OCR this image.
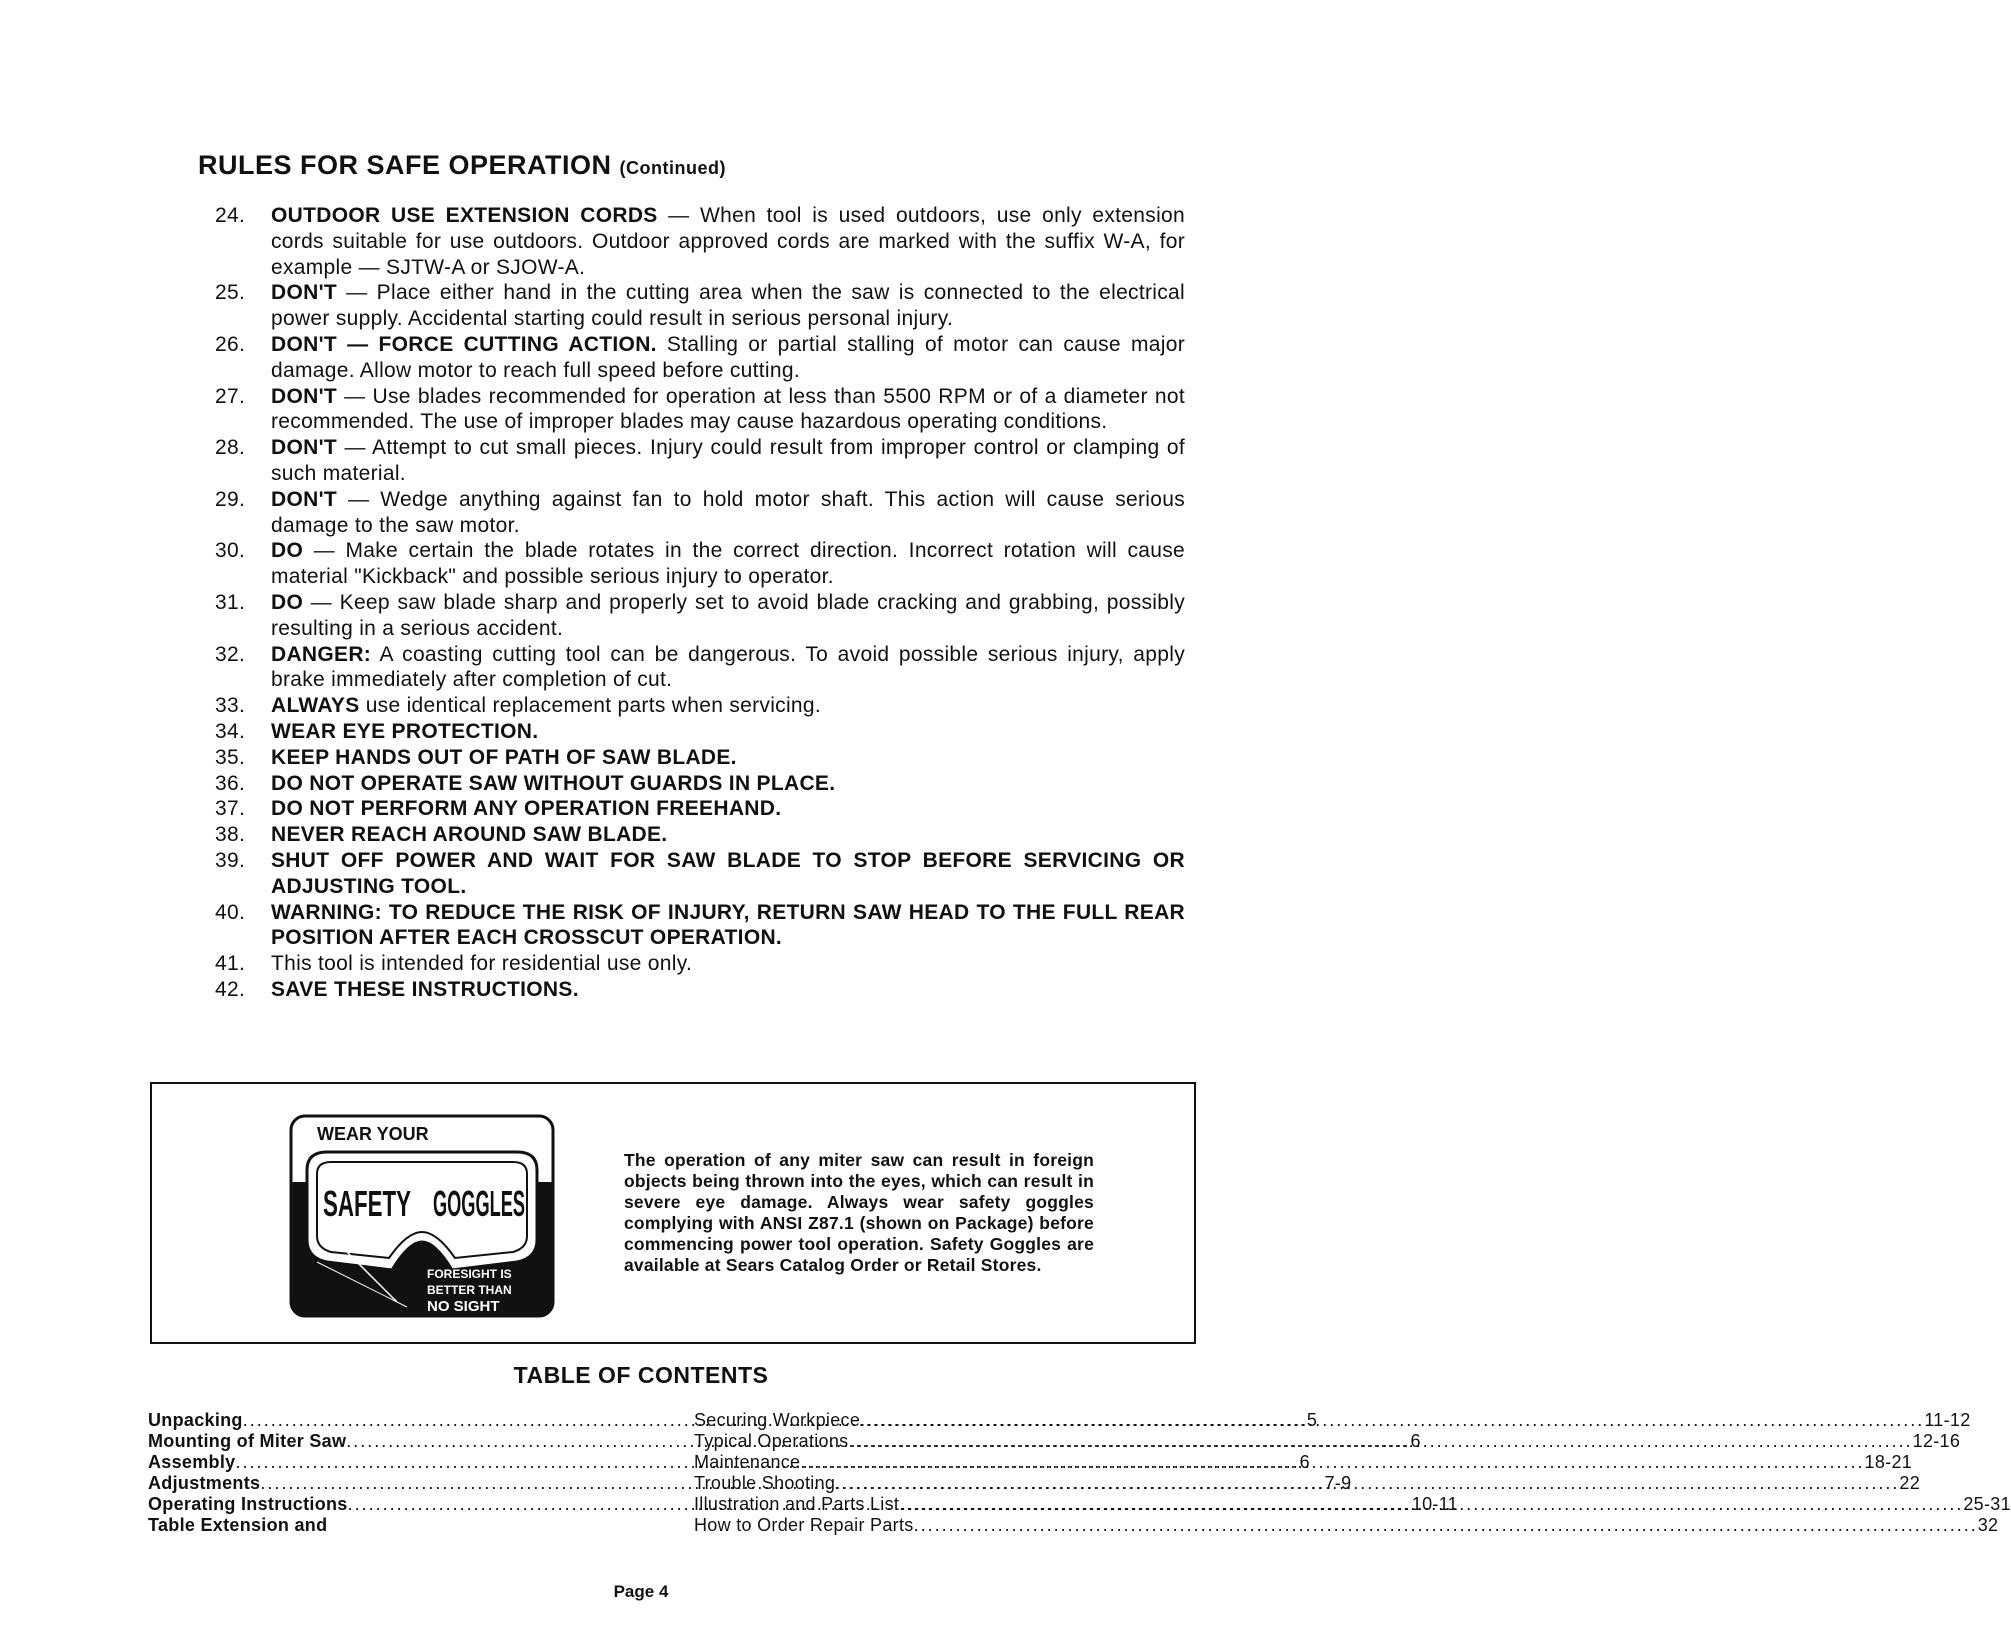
RULES FOR SAFE OPERATION (Continued)
24.	OUTDOOR USE EXTENSION CORDS — When tool is used outdoors, use only extension cords suitable for use outdoors. Outdoor approved cords are marked with the suffix W-A, for example — SJTW-A or SJOW-A.
25.	DON'T — Place either hand in the cutting area when the saw is connected to the electrical power supply. Accidental starting could result in serious personal injury.
26.	DON'T — FORCE CUTTING ACTION. Stalling or partial stalling of motor can cause major damage. Allow motor to reach full speed before cutting.
27.	DON'T — Use blades recommended for operation at less than 5500 RPM or of a diameter not recommended. The use of improper blades may cause hazardous operating conditions.
28.	DON'T — Attempt to cut small pieces. Injury could result from improper control or clamping of such material.
29.	DON'T — Wedge anything against fan to hold motor shaft. This action will cause serious damage to the saw motor.
30.	DO — Make certain the blade rotates in the correct direction. Incorrect rotation will cause material "Kickback" and possible serious injury to operator.
31.	DO — Keep saw blade sharp and properly set to avoid blade cracking and grabbing, possibly resulting in a serious accident.
32.	DANGER: A coasting cutting tool can be dangerous. To avoid possible serious injury, apply brake immediately after completion of cut.
33.	ALWAYS use identical replacement parts when servicing.
34.	WEAR EYE PROTECTION.
35.	KEEP HANDS OUT OF PATH OF SAW BLADE.
36.	DO NOT OPERATE SAW WITHOUT GUARDS IN PLACE.
37.	DO NOT PERFORM ANY OPERATION FREEHAND.
38.	NEVER REACH AROUND SAW BLADE.
39.	SHUT OFF POWER AND WAIT FOR SAW BLADE TO STOP BEFORE SERVICING OR ADJUSTING TOOL.
40.	WARNING: TO REDUCE THE RISK OF INJURY, RETURN SAW HEAD TO THE FULL REAR POSITION AFTER EACH CROSSCUT OPERATION.
41.	This tool is intended for residential use only.
42.	SAVE THESE INSTRUCTIONS.
WEAR YOUR
SAFETY GOGGLES
FORESIGHT IS
BETTER THAN
NO SIGHT
The operation of any miter saw can result in foreign objects being thrown into the eyes, which can result in severe eye damage. Always wear safety goggles complying with ANSI Z87.1 (shown on Package) before commencing power tool operation. Safety Goggles are available at Sears Catalog Order or Retail Stores.
TABLE OF CONTENTS
Unpacking .....	5
Mounting of Miter Saw .....	6
Assembly .....	6
Adjustments .....	7-9
Operating Instructions .....	10-11
Table Extension and
Securing Workpiece .....	11-12
Typical Operations .....	12-16
Maintenance .....	18-21
Trouble Shooting .....	22
Illustration and Parts List .....	25-31
How to Order Repair Parts .....	32
Page 4
